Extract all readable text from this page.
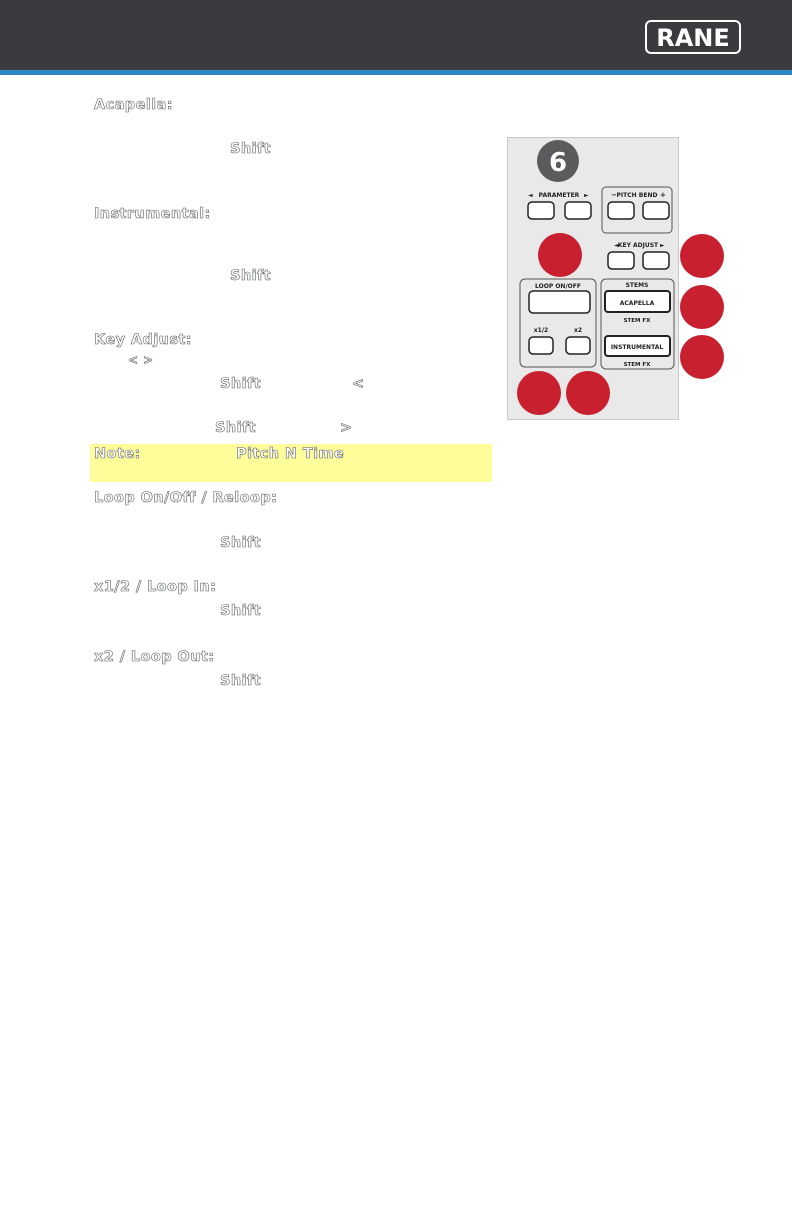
RANE
Acapella:
Shift
Instrumental:
Shift
Key Adjust:
< >
Shift	<
Shift	>
Note:	Pitch N Time
Loop On/Off / Reloop:
Shift
x1/2 / Loop In:
Shift
x2 / Loop Out:
Shift
6
◄ PARAMETER ►	− PITCH BEND +
◄ KEY ADJUST ►
LOOP ON/OFF
x1/2	x2
STEMS
ACAPELLA
STEM FX
INSTRUMENTAL
STEM FX
